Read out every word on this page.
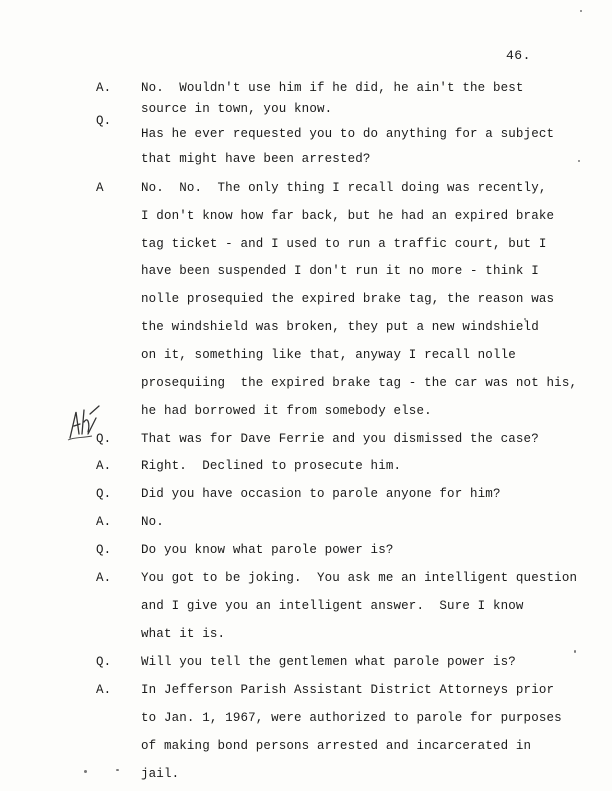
46.
A. No.  Wouldn't use him if he did, he ain't the best
source in town, you know.
Q.
Has he ever requested you to do anything for a subject
that might have been arrested?
A	No.  No.  The only thing I recall doing was recently,
I don't know how far back, but he had an expired brake
tag ticket - and I used to run a traffic court, but I
have been suspended I don't run it no more - think I
nolle prosequied the expired brake tag, the reason was
the windshield was broken, they put a new windshield
on it, something like that, anyway I recall nolle
prosequiing  the expired brake tag - the car was not his,
he had borrowed it from somebody else.
Q. That was for Dave Ferrie and you dismissed the case?
A. Right.  Declined to prosecute him.
Q. Did you have occasion to parole anyone for him?
A. No.
Q. Do you know what parole power is?
A. You got to be joking.  You ask me an intelligent question
and I give you an intelligent answer.  Sure I know
what it is.
Q. Will you tell the gentlemen what parole power is?
A. In Jefferson Parish Assistant District Attorneys prior
to Jan. 1, 1967, were authorized to parole for purposes
of making bond persons arrested and incarcerated in
jail.
